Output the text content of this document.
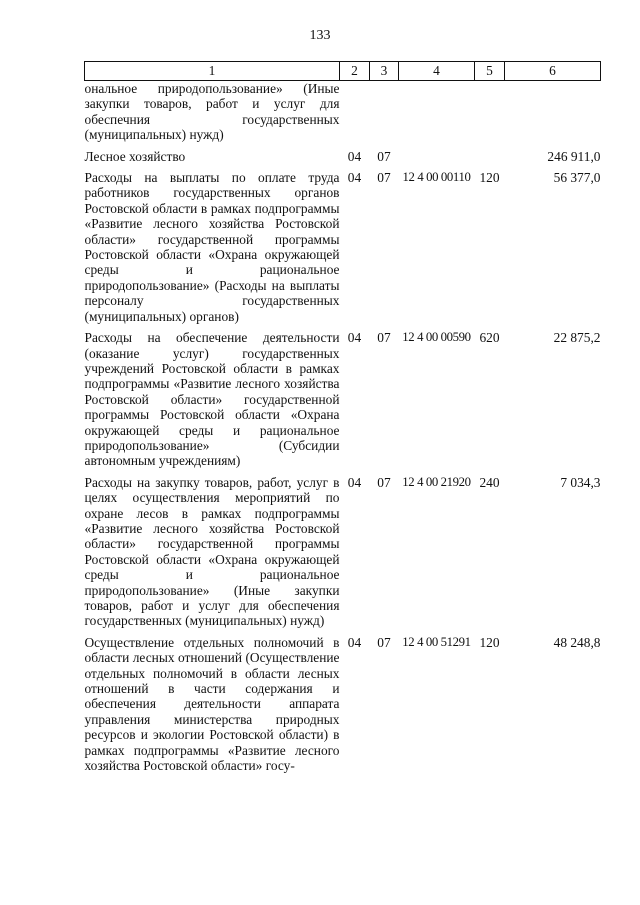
133
1	2	3	4	5	6
ональное природопользование» (Иные закупки товаров, работ и услуг для обеспечния государственных (муниципальных) нужд)					

Лесное хозяйство	04	07			246 911,0

Расходы на выплаты по оплате труда работников государственных органов Ростовской области в рамках подпрограммы «Развитие лесного хозяйства Ростовской области» государственной программы Ростовской области «Охрана окружающей среды и рациональное природопользование» (Расходы на выплаты персоналу государственных (муниципальных) органов)	04	07	12 4 00 00110	120	56 377,0

Расходы на обеспечение деятельности (оказание услуг) государственных учреждений Ростовской области в рамках подпрограммы «Развитие лесного хозяйства Ростовской области» государственной программы Ростовской области «Охрана окружающей среды и рациональное природопользование» (Субсидии автономным учреждениям)	04	07	12 4 00 00590	620	22 875,2

Расходы на закупку товаров, работ, услуг в целях осуществления мероприятий по охране лесов в рамках подпрограммы «Развитие лесного хозяйства Ростовской области» государственной программы Ростовской области «Охрана окружающей среды и рациональное природопользование» (Иные закупки товаров, работ и услуг для обеспечения государственных (муниципальных) нужд)	04	07	12 4 00 21920	240	7 034,3

Осуществление отдельных полномочий в области лесных отношений (Осуществление отдельных полномочий в области лесных отношений в части содержания и обеспечения деятельности аппарата управления министерства природных ресурсов и экологии Ростовской области) в рамках подпрограммы «Развитие лесного хозяйства Ростовской области» госу-	04	07	12 4 00 51291	120	48 248,8
